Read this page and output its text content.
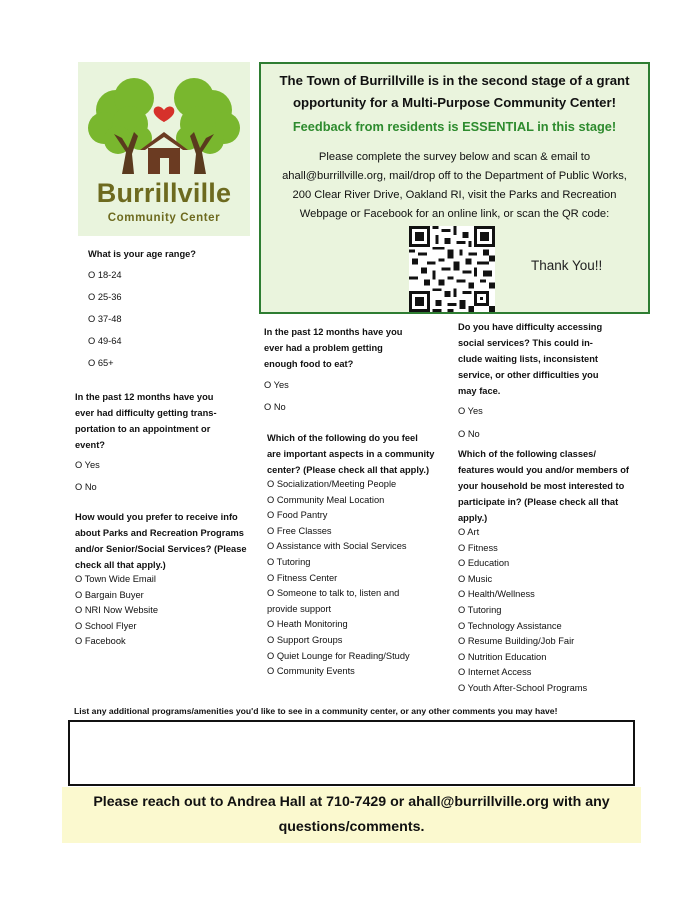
Burrillville
Community Center
The Town of Burrillville is in the second stage of a grant
opportunity for a Multi-Purpose Community Center!
Feedback from residents is ESSENTIAL in this stage!
Please complete the survey below and scan & email to
ahall@burrillville.org, mail/drop off to the Department of Public Works,
200 Clear River Drive, Oakland RI, visit the Parks and Recreation
Webpage or Facebook for an online link, or scan the QR code:
Thank You!!
What is your age range?
O 18-24
O 25-36
O 37-48
O 49-64
O 65+
In the past 12 months have you
ever had difficulty getting trans-
portation to an appointment or
event?
O Yes
O No
How would you prefer to receive info
about Parks and Recreation Programs
and/or Senior/Social Services? (Please
check all that apply.)
O Town Wide Email
O Bargain Buyer
O NRI Now Website
O School Flyer
O Facebook
In the past 12 months have you
ever had a problem getting
enough food to eat?
O Yes
O No
Which of the following do you feel
are important aspects in a community
center? (Please check all that apply.)
O Socialization/Meeting People
O Community Meal Location
O Food Pantry
O Free Classes
O Assistance with Social Services
O Tutoring
O Fitness Center
O Someone to talk to, listen and
provide support
O Heath Monitoring
O Support Groups
O Quiet Lounge for Reading/Study
O Community Events
Do you have difficulty accessing
social services? This could in-
clude waiting lists, inconsistent
service, or other difficulties you
may face.
O Yes
O No
Which of the following classes/
features would you and/or members of
your household be most interested to
participate in? (Please check all that
apply.)
O Art
O Fitness
O Education
O Music
O Health/Wellness
O Tutoring
O Technology Assistance
O Resume Building/Job Fair
O Nutrition Education
O Internet Access
O Youth After-School Programs
List any additional programs/amenities you'd like to see in a community center, or any other comments you may have!
Please reach out to Andrea Hall at 710-7429 or ahall@burrillville.org with any
questions/comments.
